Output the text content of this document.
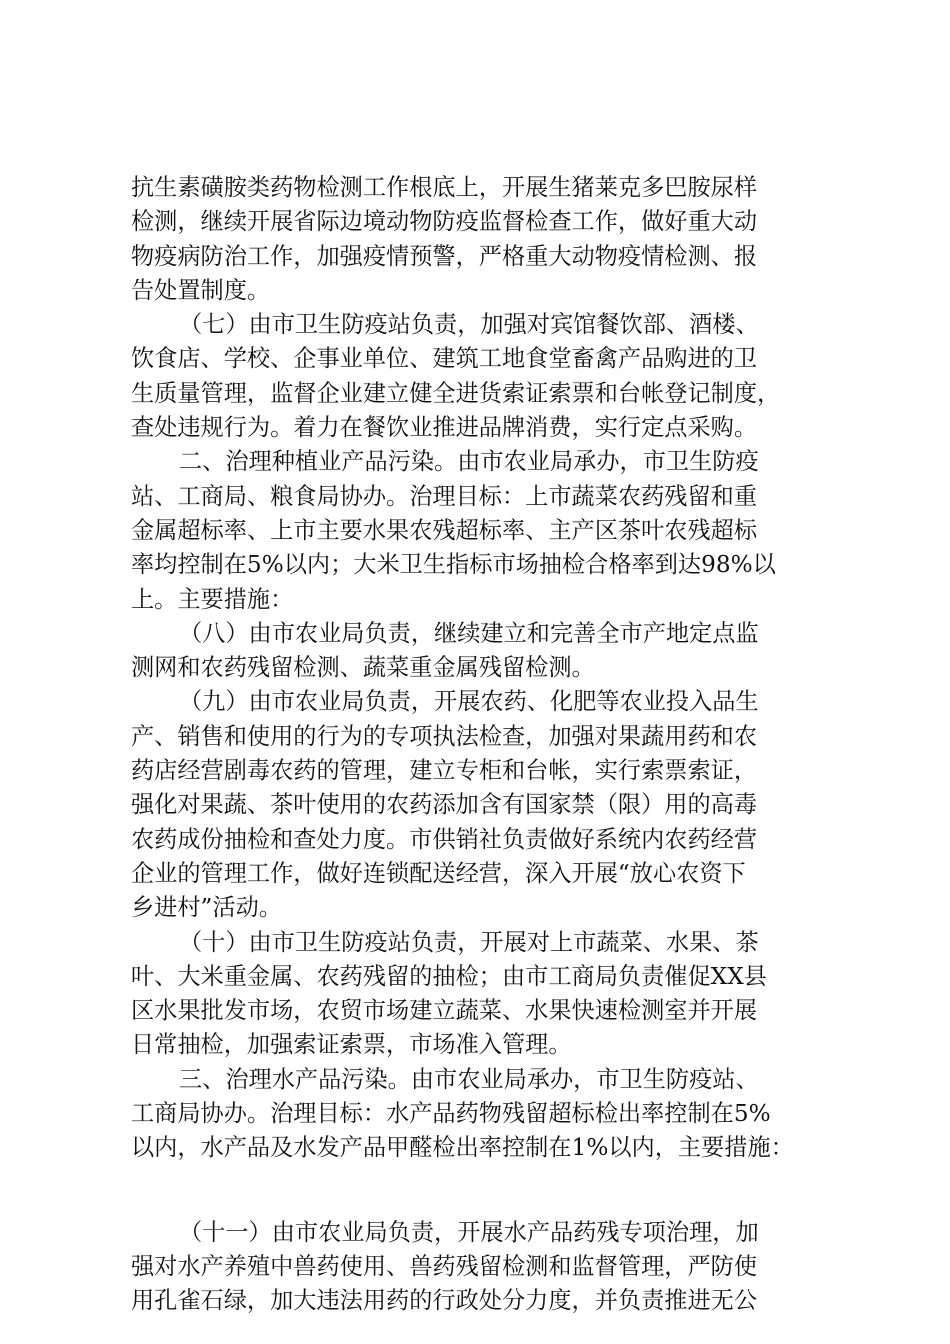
抗生素磺胺类药物检测工作根底上，开展生猪莱克多巴胺尿样
检测，继续开展省际边境动物防疫监督检查工作，做好重大动
物疫病防治工作，加强疫情预警，严格重大动物疫情检测、报
告处置制度。
（七）由市卫生防疫站负责，加强对宾馆餐饮部、酒楼、
饮食店、学校、企事业单位、建筑工地食堂畜禽产品购进的卫
生质量管理，监督企业建立健全进货索证索票和台帐登记制度，
查处违规行为。着力在餐饮业推进品牌消费，实行定点采购。
二、治理种植业产品污染。由市农业局承办，市卫生防疫
站、工商局、粮食局协办。治理目标：上市蔬菜农药残留和重
金属超标率、上市主要水果农残超标率、主产区茶叶农残超标
率均控制在5%以内；大米卫生指标市场抽检合格率到达98%以
上。主要措施：
（八）由市农业局负责，继续建立和完善全市产地定点监
测网和农药残留检测、蔬菜重金属残留检测。
（九）由市农业局负责，开展农药、化肥等农业投入品生
产、销售和使用的行为的专项执法检查，加强对果蔬用药和农
药店经营剧毒农药的管理，建立专柜和台帐，实行索票索证，
强化对果蔬、茶叶使用的农药添加含有国家禁（限）用的高毒
农药成份抽检和查处力度。市供销社负责做好系统内农药经营
企业的管理工作，做好连锁配送经营，深入开展“放心农资下
乡进村”活动。
（十）由市卫生防疫站负责，开展对上市蔬菜、水果、茶
叶、大米重金属、农药残留的抽检；由市工商局负责催促XX县
区水果批发市场，农贸市场建立蔬菜、水果快速检测室并开展
日常抽检，加强索证索票，市场准入管理。
三、治理水产品污染。由市农业局承办，市卫生防疫站、
工商局协办。治理目标：水产品药物残留超标检出率控制在5%
以内，水产品及水发产品甲醛检出率控制在1%以内，主要措施：
（十一）由市农业局负责，开展水产品药残专项治理，加
强对水产养殖中兽药使用、兽药残留检测和监督管理，严防使
用孔雀石绿，加大违法用药的行政处分力度，并负责推进无公
